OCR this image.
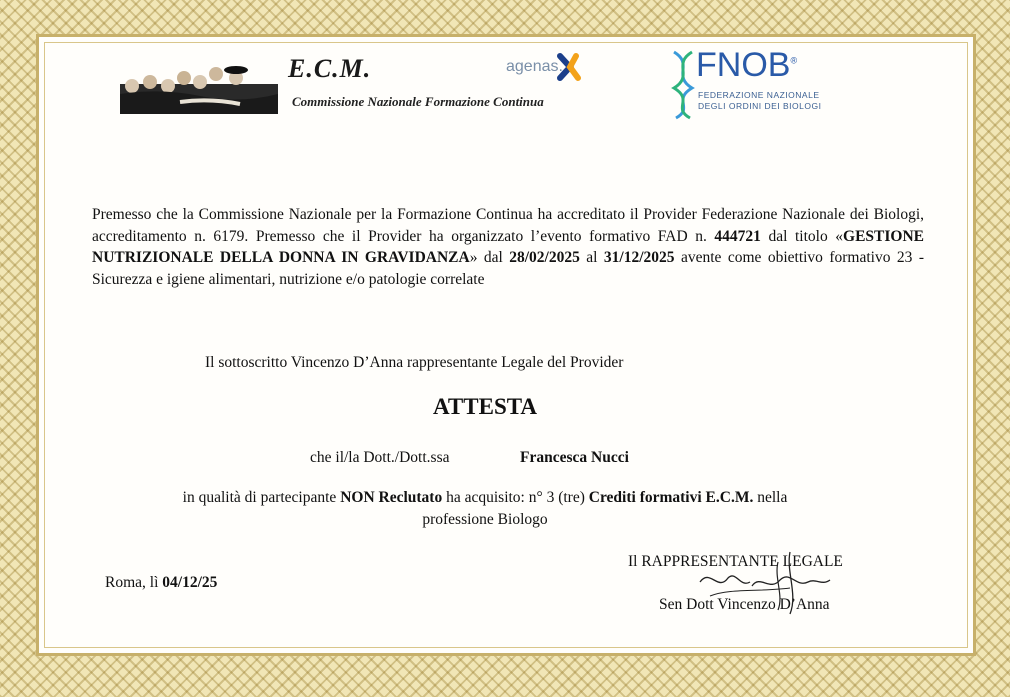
E.C.M.
Commissione Nazionale Formazione Continua
agenas.	FNOB®
FEDERAZIONE NAZIONALE
DEGLI ORDINI DEI BIOLOGI
Premesso che la Commissione Nazionale per la Formazione Continua ha accreditato il Provider Federazione Nazionale dei Biologi, accreditamento n. 6179. Premesso che il Provider ha organizzato l’evento formativo FAD n. 444721 dal titolo «GESTIONE NUTRIZIONALE DELLA DONNA IN GRAVIDANZA» dal 28/02/2025 al 31/12/2025 avente come obiettivo formativo 23 - Sicurezza e igiene alimentari, nutrizione e/o patologie correlate
Il sottoscritto Vincenzo D’Anna rappresentante Legale del Provider
ATTESTA
che il/la Dott./Dott.ssa	Francesca Nucci
in qualità di partecipante NON Reclutato ha acquisito: n° 3 (tre) Crediti formativi E.C.M. nella
professione Biologo
Roma, lì 04/12/25
Il RAPPRESENTANTE LEGALE
Sen Dott Vincenzo D’Anna
